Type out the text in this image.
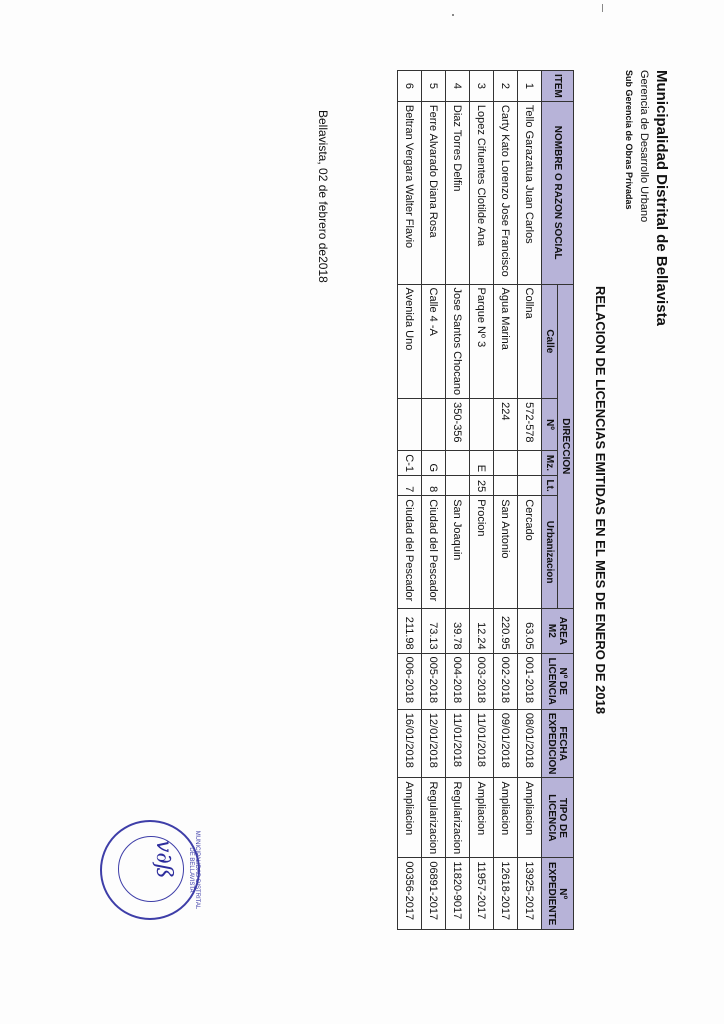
Municipalidad Distrital de Bellavista
Gerencia de Desarrollo Urbano
Sub Gerencia de Obras Privadas
RELACION DE LICENCIAS EMITIDAS EN EL MES DE ENERO DE 2018
ITEM	NOMBRE O RAZON SOCIAL	DIRECCION					AREA M2	Nº DE LICENCIA	FECHA EXPEDICION	TIPO DE LICENCIA	Nº EXPEDIENTE
		Calle	Nº	Mz.	Lt.	Urbanizacion					
1	Tello Garazatua Juan Carlos	Collna	572-578			Cercado	63.05	001-2018	08/01/2018	Ampliacion	13925-2017
2	Carty Kato Lorenzo Jose Francisco	Agua Marina	224			San Antonio	220.95	002-2018	09/01/2018	Ampliacion	12618-2017
3	Lopez Cifuentes Clotilde Ana	Parque Nº 3		E	25	Procion	12.24	003-2018	11/01/2018	Ampliacion	11957-2017
4	Diaz Torres Delfin	Jose Santos Chocano	350-356			San Joaquin	39.78	004-2018	11/01/2018	Regularizacion	11820-9017
5	Ferre Alvarado Diana Rosa	Calle 4 -A		G	8	Ciudad del Pescador	73.13	005-2018	12/01/2018	Regularizacion	06891-2017
6	Beltran Vergara Walter Flavio	Avenida Uno		C-1	7	Ciudad del Pescador	211.98	006-2018	16/01/2018	Ampliacion	00356-2017
Bellavista, 02 de febrero de2018
MUNICIPALIDAD DISTRITAL DE BELLAVISTA
v∂ß
